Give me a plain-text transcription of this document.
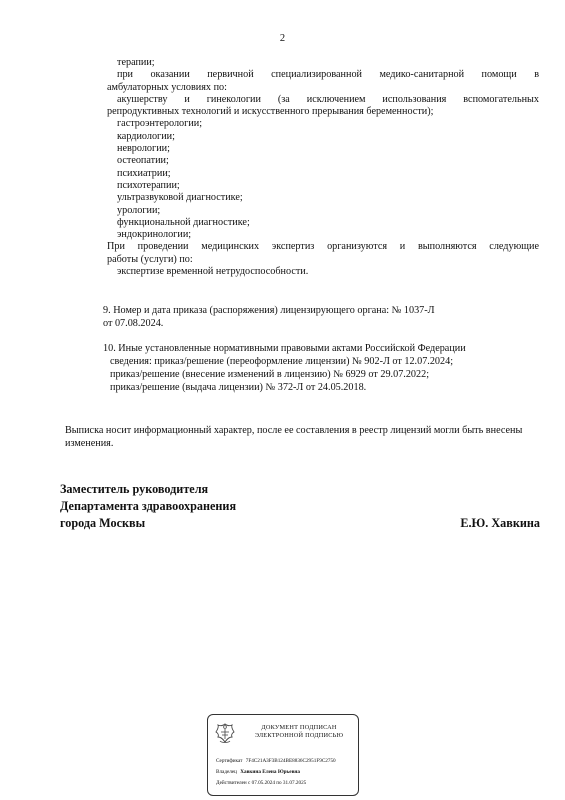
2
терапии;
при оказании первичной специализированной медико-санитарной помощи в
амбулаторных условиях по:
акушерству и гинекологии (за исключением использования вспомогательных
репродуктивных технологий и искусственного прерывания беременности);
гастроэнтерологии;
кардиологии;
неврологии;
остеопатии;
психиатрии;
психотерапии;
ультразвуковой диагностике;
урологии;
функциональной диагностике;
эндокринологии;
При проведении медицинских экспертиз организуются и выполняются следующие
работы (услуги) по:
экспертизе временной нетрудоспособности.
9. Номер и дата приказа (распоряжения) лицензирующего органа: № 1037-Л
от 07.08.2024.
10. Иные установленные нормативными правовыми актами Российской Федерации
сведения: приказ/решение (переоформление лицензии) № 902-Л от 12.07.2024;
приказ/решение (внесение изменений в лицензию) № 6929 от 29.07.2022;
приказ/решение (выдача лицензии) № 372-Л от 24.05.2018.
Выписка носит информационный характер, после ее составления в реестр лицензий могли быть внесены изменения.
Заместитель руководителя
Департамента здравоохранения
города Москвы	Е.Ю. Хавкина
ДОКУМЕНТ ПОДПИСАН
ЭЛЕКТРОННОЙ ПОДПИСЬЮ
Сертификат 7F4C21A3F3B124BE8836C2951F9C2750
Владелец Хавкина Елена Юрьевна
Действителен с 07.05.2024 по 31.07.2025
